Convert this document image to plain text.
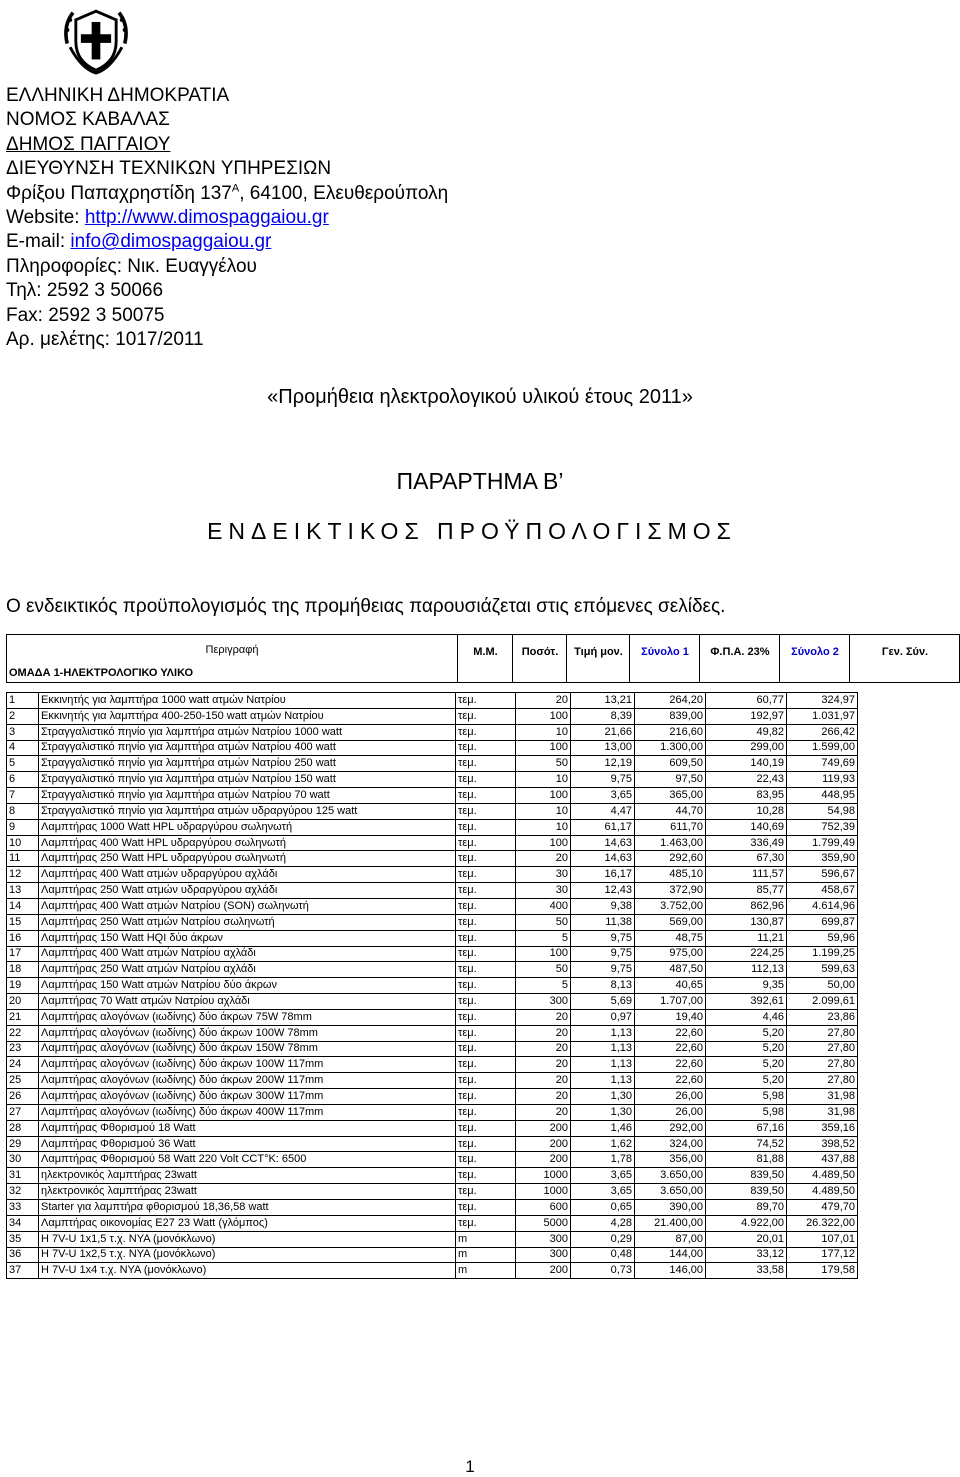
ΕΛΛΗΝΙΚΗ ΔΗΜΟΚΡΑΤΙΑ
ΝΟΜΟΣ ΚΑΒΑΛΑΣ
ΔΗΜΟΣ ΠΑΓΓΑΙΟΥ
ΔΙΕΥΘΥΝΣΗ ΤΕΧΝΙΚΩΝ ΥΠΗΡΕΣΙΩΝ
Φρίξου Παπαχρηστίδη $137^A$, 64100, Ελευθερούπολη
Website: http://www.dimospaggaiou.gr
E-mail: info@dimospaggaiou.gr
Πληροφορίες: Νικ. Ευαγγέλου
Τηλ: 2592 3 50066
Fax: 2592 3 50075
Αρ. μελέτης: 1017/2011
«Προμήθεια ηλεκτρολογικού υλικού έτους 2011»
ΠΑΡΑΡΤΗΜΑ Β’
ΕΝΔΕΙΚΤΙΚΟΣ ΠΡΟΫΠΟΛΟΓΙΣΜΟΣ
Ο ενδεικτικός προϋπολογισμός της προμήθειας παρουσιάζεται στις επόμενες σελίδες.
Περιγραφή
ΟΜΑΔΑ 1-ΗΛΕΚΤΡΟΛΟΓΙΚΟ ΥΛΙΚΟ
Μ.Μ.	Ποσότ.	Τιμή μον.	Σύνολο 1	Φ.Π.Α. 23%	Σύνολο 2	Γεν. Σύν.
1	Εκκινητής για λαμπτήρα 1000 watt ατμών Νατρίου	τεμ.	20	13,21	264,20	60,77	324,97
2	Εκκινητής για λαμπτήρα 400-250-150 watt ατμών Νατρίου	τεμ.	100	8,39	839,00	192,97	1.031,97
3	Στραγγαλιστικό πηνίο για λαμπτήρα ατμών Νατρίου 1000 watt	τεμ.	10	21,66	216,60	49,82	266,42
4	Στραγγαλιστικό πηνίο για λαμπτήρα ατμών Νατρίου 400 watt	τεμ.	100	13,00	1.300,00	299,00	1.599,00
5	Στραγγαλιστικό πηνίο για λαμπτήρα ατμών Νατρίου 250 watt	τεμ.	50	12,19	609,50	140,19	749,69
6	Στραγγαλιστικό πηνίο για λαμπτήρα ατμών Νατρίου 150 watt	τεμ.	10	9,75	97,50	22,43	119,93
7	Στραγγαλιστικό πηνίο για λαμπτήρα ατμών Νατρίου 70 watt	τεμ.	100	3,65	365,00	83,95	448,95
8	Στραγγαλιστικό πηνίο για λαμπτήρα ατμών υδραργύρου 125 watt	τεμ.	10	4,47	44,70	10,28	54,98
9	Λαμπτήρας 1000 Watt HPL υδραργύρου σωληνωτή	τεμ.	10	61,17	611,70	140,69	752,39
10	Λαμπτήρας 400 Watt HPL υδραργύρου σωληνωτή	τεμ.	100	14,63	1.463,00	336,49	1.799,49
11	Λαμπτήρας 250 Watt HPL υδραργύρου σωληνωτή	τεμ.	20	14,63	292,60	67,30	359,90
12	Λαμπτήρας 400 Watt ατμών υδραργύρου αχλάδι	τεμ.	30	16,17	485,10	111,57	596,67
13	Λαμπτήρας 250 Watt ατμών υδραργύρου αχλάδι	τεμ.	30	12,43	372,90	85,77	458,67
14	Λαμπτήρας 400 Watt ατμών Νατρίου (SON) σωληνωτή	τεμ.	400	9,38	3.752,00	862,96	4.614,96
15	Λαμπτήρας 250 Watt ατμών Νατρίου σωληνωτή	τεμ.	50	11,38	569,00	130,87	699,87
16	Λαμπτήρας 150 Watt HQI δύο άκρων	τεμ.	5	9,75	48,75	11,21	59,96
17	Λαμπτήρας 400 Watt ατμών Νατρίου αχλάδι	τεμ.	100	9,75	975,00	224,25	1.199,25
18	Λαμπτήρας 250 Watt ατμών Νατρίου αχλάδι	τεμ.	50	9,75	487,50	112,13	599,63
19	Λαμπτήρας 150 Watt ατμών Νατρίου δύο άκρων	τεμ.	5	8,13	40,65	9,35	50,00
20	Λαμπτήρας 70 Watt ατμών Νατρίου αχλάδι	τεμ.	300	5,69	1.707,00	392,61	2.099,61
21	Λαμπτήρας αλογόνων (ιωδίνης) δύο άκρων 75W 78mm	τεμ.	20	0,97	19,40	4,46	23,86
22	Λαμπτήρας αλογόνων (ιωδίνης) δύο άκρων 100W 78mm	τεμ.	20	1,13	22,60	5,20	27,80
23	Λαμπτήρας αλογόνων (ιωδίνης) δύο άκρων 150W 78mm	τεμ.	20	1,13	22,60	5,20	27,80
24	Λαμπτήρας αλογόνων (ιωδίνης) δύο άκρων 100W 117mm	τεμ.	20	1,13	22,60	5,20	27,80
25	Λαμπτήρας αλογόνων (ιωδίνης) δύο άκρων 200W 117mm	τεμ.	20	1,13	22,60	5,20	27,80
26	Λαμπτήρας αλογόνων (ιωδίνης) δύο άκρων 300W 117mm	τεμ.	20	1,30	26,00	5,98	31,98
27	Λαμπτήρας αλογόνων (ιωδίνης) δύο άκρων 400W 117mm	τεμ.	20	1,30	26,00	5,98	31,98
28	Λαμπτήρας Φθορισμού 18 Watt	τεμ.	200	1,46	292,00	67,16	359,16
29	Λαμπτήρας Φθορισμού 36 Watt	τεμ.	200	1,62	324,00	74,52	398,52
30	Λαμπτήρας Φθορισμού 58 Watt 220 Volt CCT°K: 6500	τεμ.	200	1,78	356,00	81,88	437,88
31	ηλεκτρονικός λαμπτήρας 23watt	τεμ.	1000	3,65	3.650,00	839,50	4.489,50
32	ηλεκτρονικός λαμπτήρας 23watt	τεμ.	1000	3,65	3.650,00	839,50	4.489,50
33	Starter για λαμπτήρα φθορισμού 18,36,58 watt	τεμ.	600	0,65	390,00	89,70	479,70
34	Λαμπτήρας οικονομίας Ε27 23 Watt (γλόμπος)	τεμ.	5000	4,28	21.400,00	4.922,00	26.322,00
35	Η 7V-U 1x1,5 τ.χ. NYA (μονόκλωνο)	m	300	0,29	87,00	20,01	107,01
36	Η 7V-U 1x2,5 τ.χ. NYA (μονόκλωνο)	m	300	0,48	144,00	33,12	177,12
37	Η 7V-U 1x4 τ.χ. NYA (μονόκλωνο)	m	200	0,73	146,00	33,58	179,58
1
